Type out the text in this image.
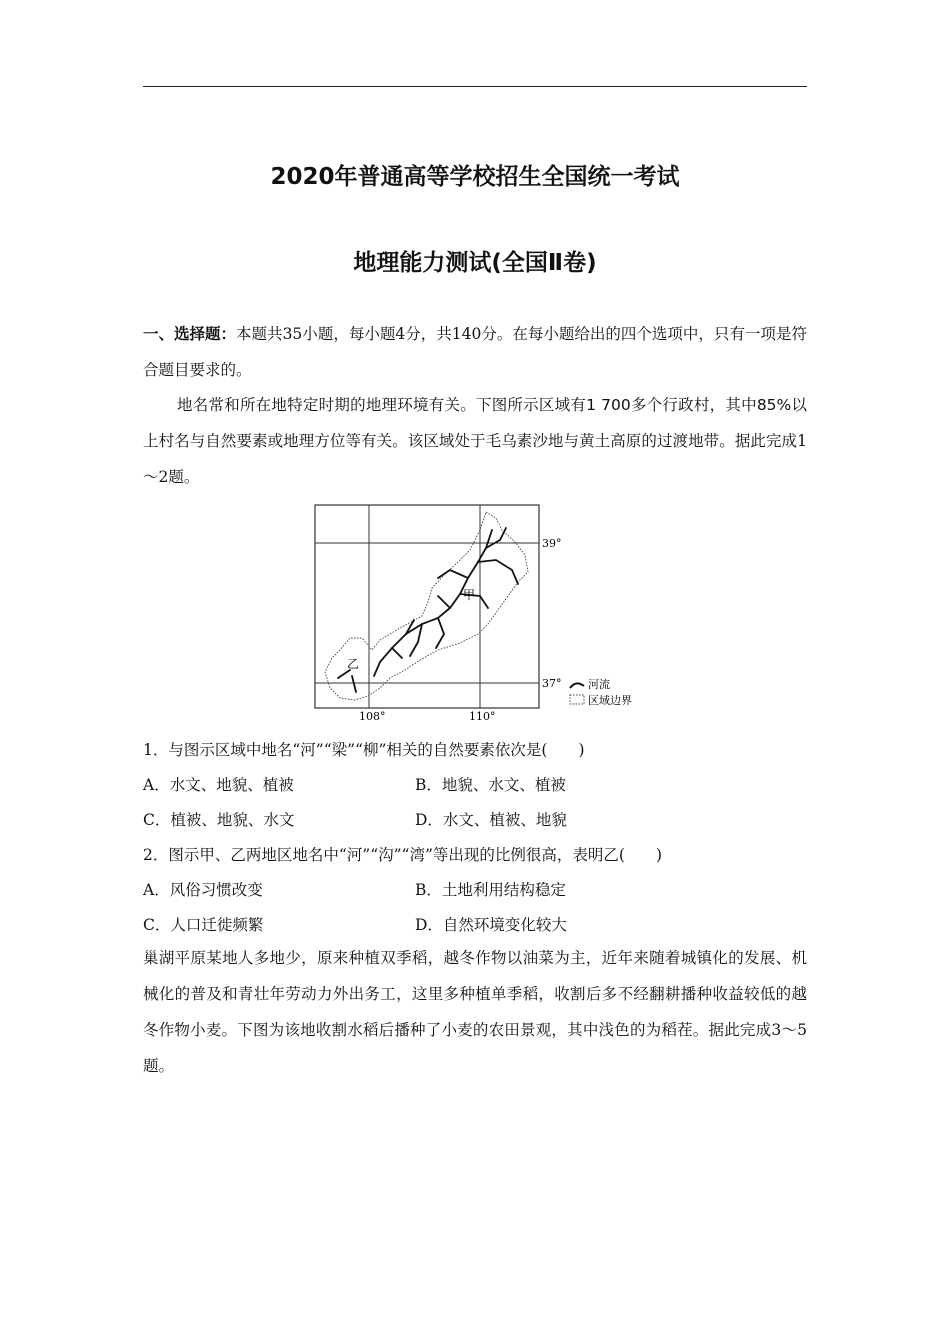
2020年普通高等学校招生全国统一考试
地理能力测试(全国Ⅱ卷)
一、选择题：本题共35小题，每小题4分，共140分。在每小题给出的四个选项中，只有一项是符合题目要求的。
地名常和所在地特定时期的地理环境有关。下图所示区域有1 700多个行政村，其中85%以上村名与自然要素或地理方位等有关。该区域处于毛乌素沙地与黄土高原的过渡地带。据此完成1～2题。
39°
37°
108°	110°
甲
乙
河流
区域边界
1．与图示区域中地名“河”“梁”“柳”相关的自然要素依次是(　　)
A．水文、地貌、植被	B．地貌、水文、植被
C．植被、地貌、水文	D．水文、植被、地貌
2．图示甲、乙两地区地名中“河”“沟”“湾”等出现的比例很高，表明乙(　　)
A．风俗习惯改变	B．土地利用结构稳定
C．人口迁徙频繁	D．自然环境变化较大
巢湖平原某地人多地少，原来种植双季稻，越冬作物以油菜为主，近年来随着城镇化的发展、机械化的普及和青壮年劳动力外出务工，这里多种植单季稻，收割后多不经翻耕播种收益较低的越冬作物小麦。下图为该地收割水稻后播种了小麦的农田景观，其中浅色的为稻茬。据此完成3～5题。
